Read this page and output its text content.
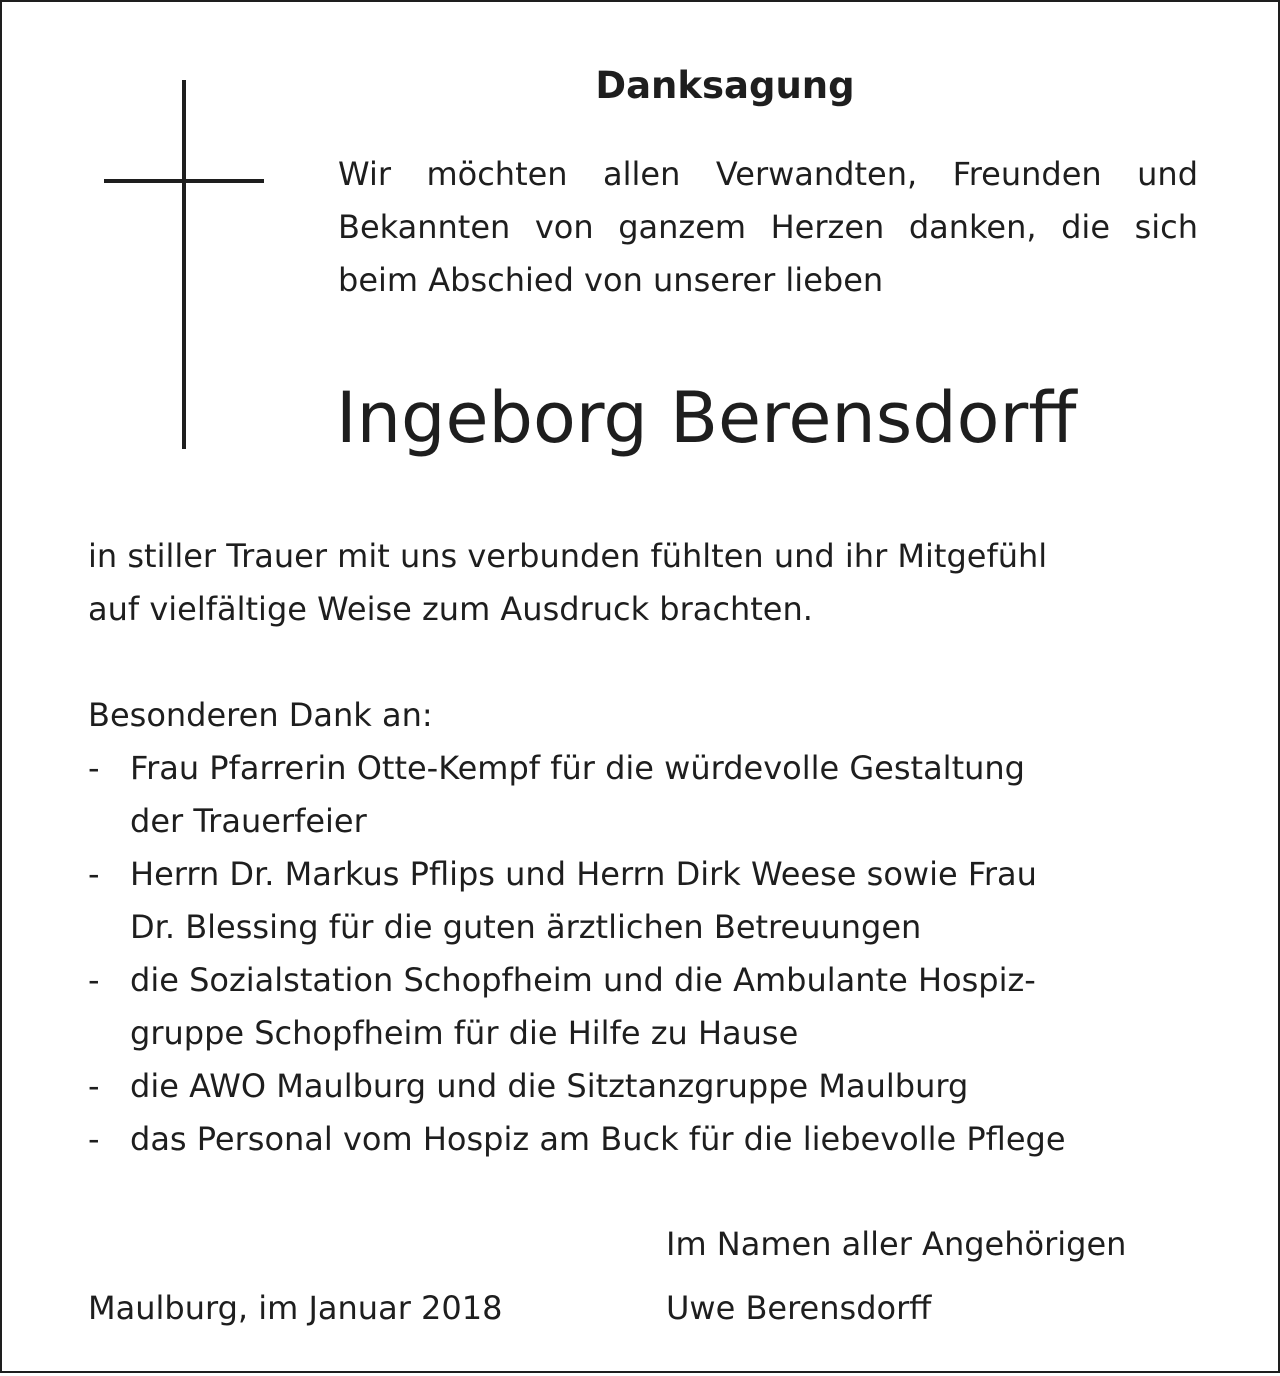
Danksagung
Wir möchten allen Verwandten, Freunden und
Bekannten von ganzem Herzen danken, die sich
beim Abschied von unserer lieben
Ingeborg Berensdorff
in stiller Trauer mit uns verbunden fühlten und ihr Mitgefühl
auf vielfältige Weise zum Ausdruck brachten.
Besonderen Dank an:
- Frau Pfarrerin Otte-Kempf für die würdevolle Gestaltung
der Trauerfeier
- Herrn Dr. Markus Pflips und Herrn Dirk Weese sowie Frau
Dr. Blessing für die guten ärztlichen Betreuungen
- die Sozialstation Schopfheim und die Ambulante Hospiz-
gruppe Schopfheim für die Hilfe zu Hause
- die AWO Maulburg und die Sitztanzgruppe Maulburg
- das Personal vom Hospiz am Buck für die liebevolle Pflege
Im Namen aller Angehörigen
Uwe Berensdorff
Maulburg, im Januar 2018
